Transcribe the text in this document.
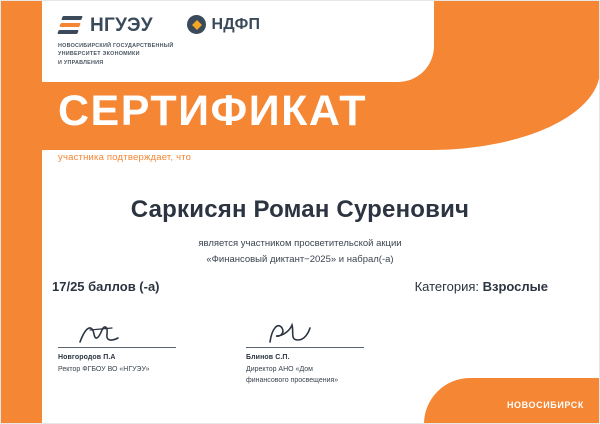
НОВОСИБИРСК
НГУЭУ
НОВОСИБИРСКИЙ ГОСУДАРСТВЕННЫЙ
УНИВЕРСИТЕТ ЭКОНОМИКИ
И УПРАВЛЕНИЯ
НДФП
СЕРТИФИКАТ
участника подтверждает, что
Саркисян Роман Суренович
является участником просветительской акции
«Финансовый диктант−2025» и набрал(-а)
17/25 баллов (-а)	Категория: Взрослые
Новгородов П.А
Ректор ФГБОУ ВО «НГУЭУ»
Блинов С.П.
Директор АНО «Дом
финансового просвещения»
